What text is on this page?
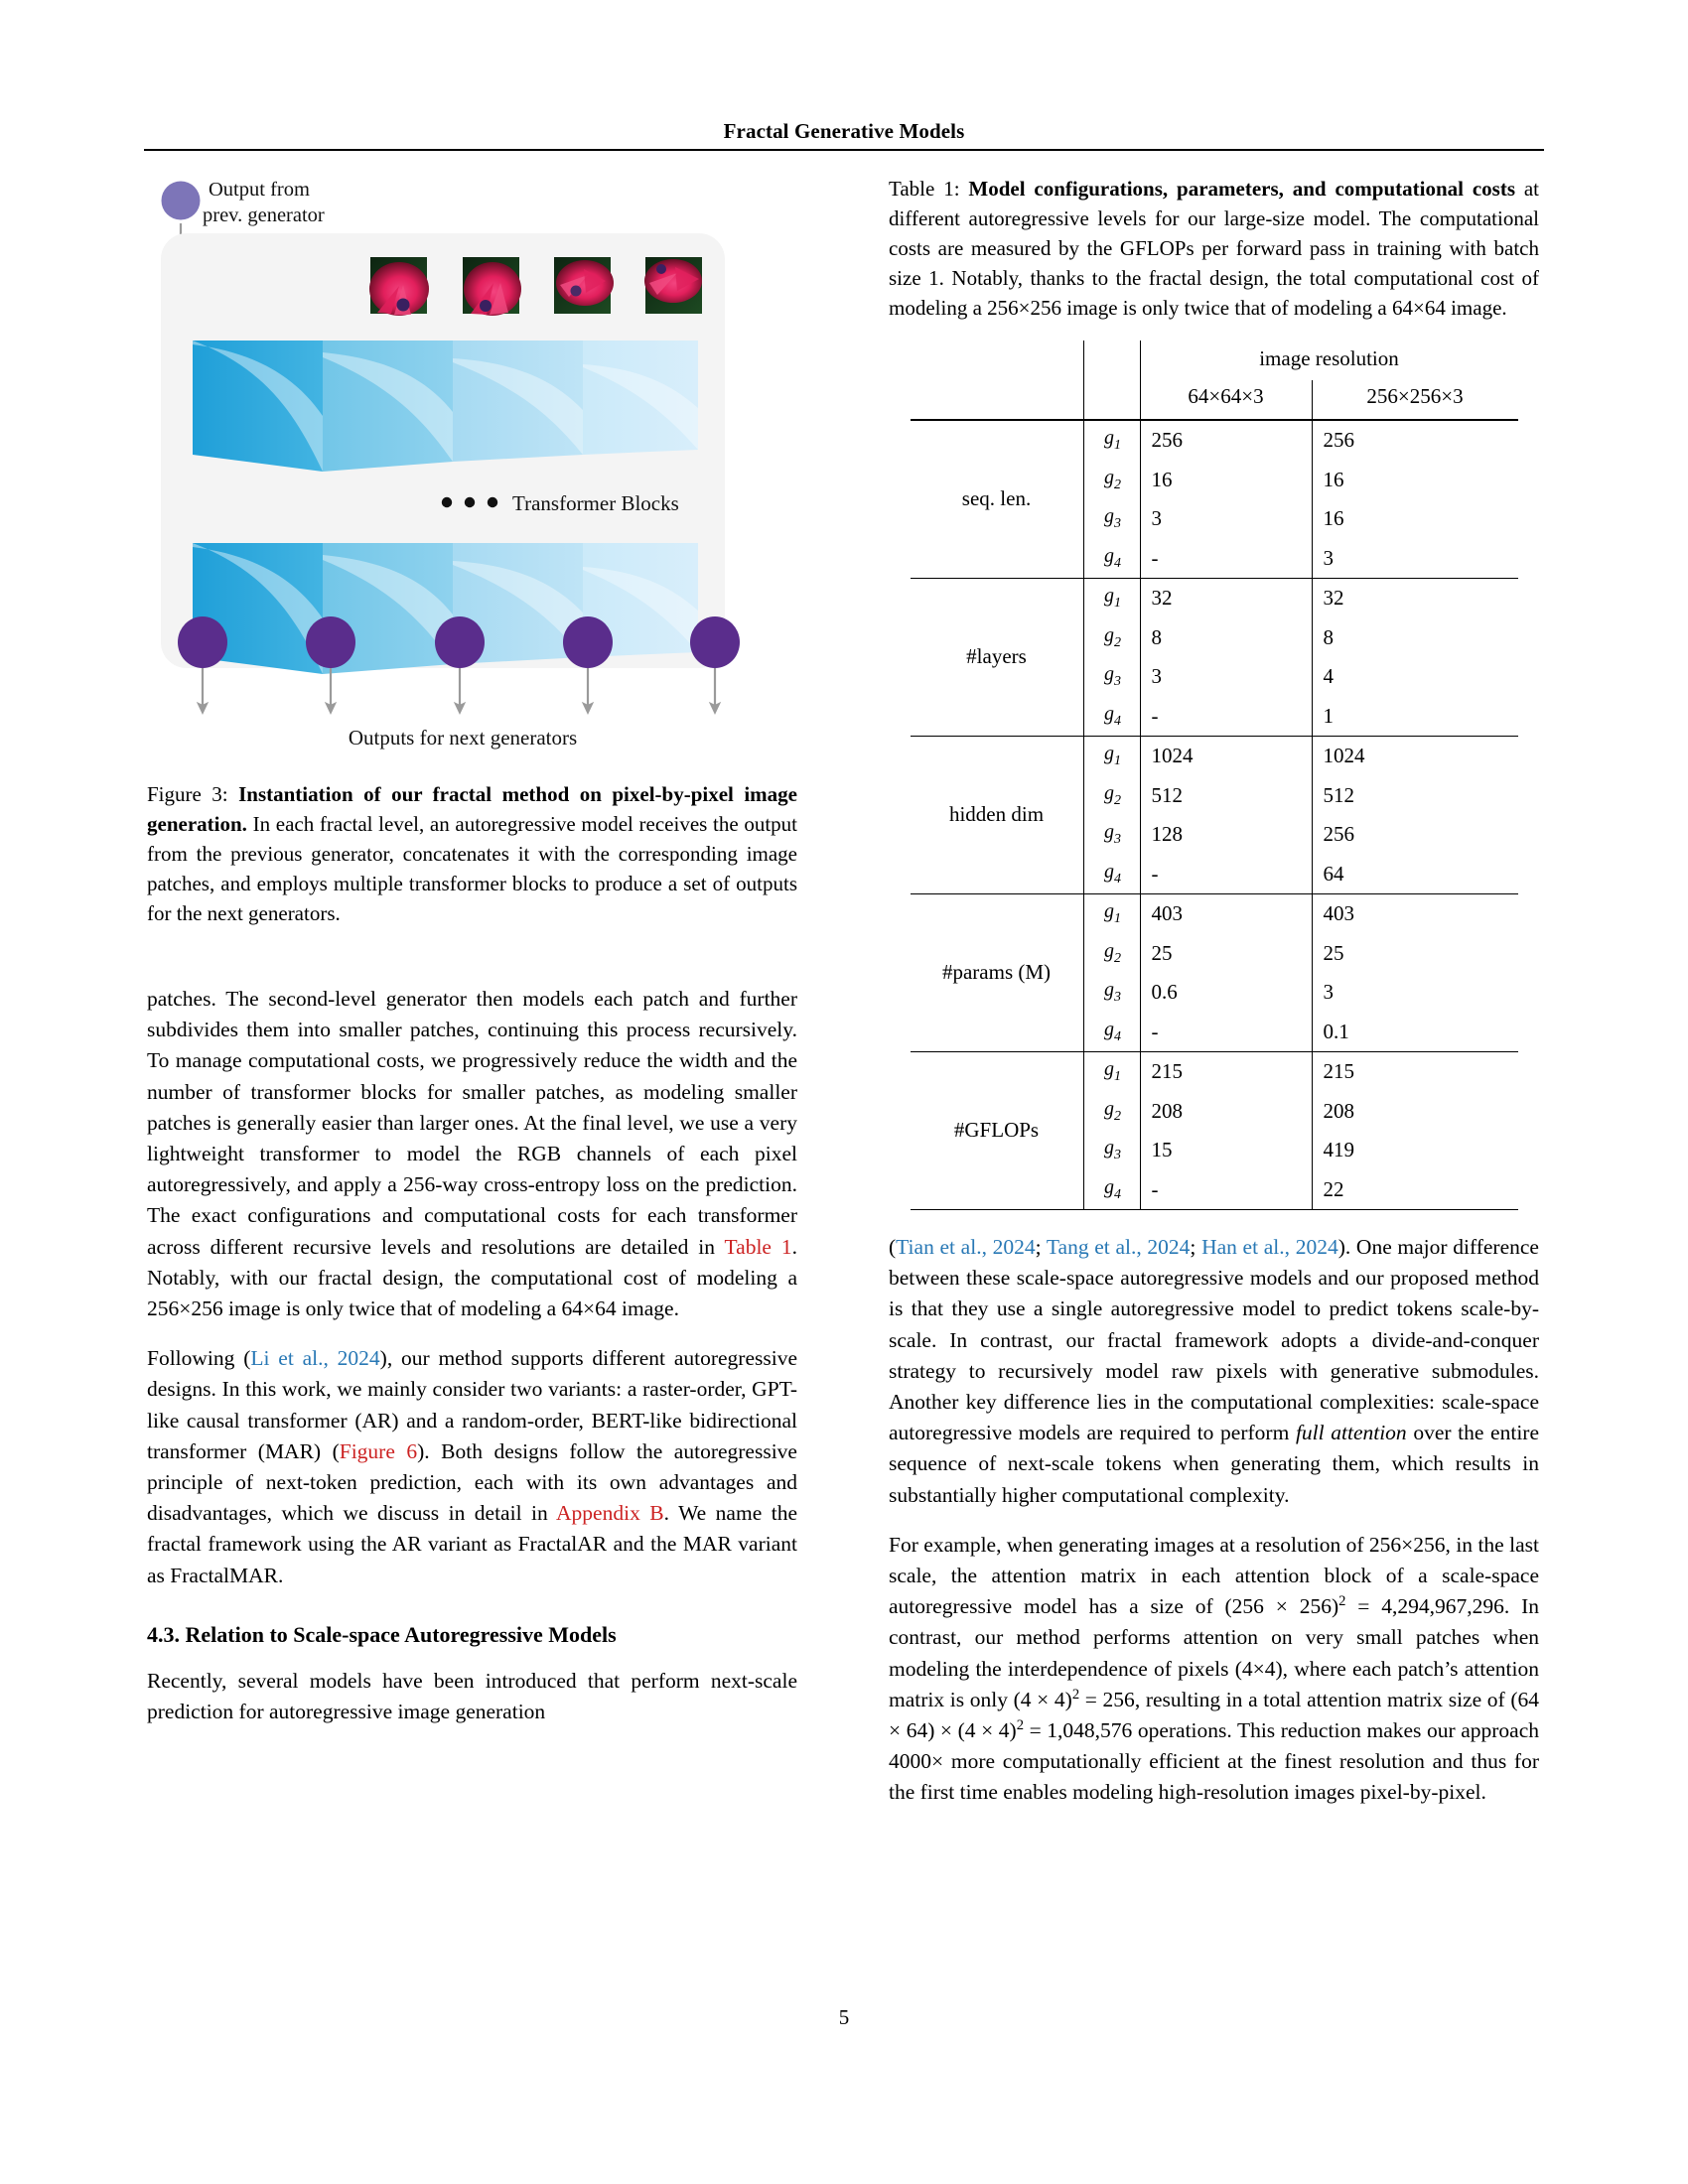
Fractal Generative Models
Output from
prev. generator
Transformer Blocks
Outputs for next generators
Figure 3: Instantiation of our fractal method on pixel-by-pixel image generation. In each fractal level, an autoregressive model receives the output from the previous generator, concatenates it with the corresponding image patches, and employs multiple transformer blocks to produce a set of outputs for the next generators.

patches. The second-level generator then models each patch and further subdivides them into smaller patches, continuing this process recursively. To manage computational costs, we progressively reduce the width and the number of transformer blocks for smaller patches, as modeling smaller patches is generally easier than larger ones. At the final level, we use a very lightweight transformer to model the RGB channels of each pixel autoregressively, and apply a 256-way cross-entropy loss on the prediction. The exact configurations and computational costs for each transformer across different recursive levels and resolutions are detailed in Table 1. Notably, with our fractal design, the computational cost of modeling a 256×256 image is only twice that of modeling a 64×64 image.

Following (Li et al., 2024), our method supports different autoregressive designs. In this work, we mainly consider two variants: a raster-order, GPT-like causal transformer (AR) and a random-order, BERT-like bidirectional transformer (MAR) (Figure 6). Both designs follow the autoregressive principle of next-token prediction, each with its own advantages and disadvantages, which we discuss in detail in Appendix B. We name the fractal framework using the AR variant as FractalAR and the MAR variant as FractalMAR.

4.3. Relation to Scale-space Autoregressive Models

Recently, several models have been introduced that perform next-scale prediction for autoregressive image generation

Table 1: Model configurations, parameters, and computational costs at different autoregressive levels for our large-size model. The computational costs are measured by the GFLOPs per forward pass in training with batch size 1. Notably, thanks to the fractal design, the total computational cost of modeling a 256×256 image is only twice that of modeling a 64×64 image.
		image resolution	
		64×64×3	256×256×3
seq. len.	$g_1$	256	256
	$g_2$	16	16
	$g_3$	3	16
	$g_4$	-	3
#layers	$g_1$	32	32
	$g_2$	8	8
	$g_3$	3	4
	$g_4$	-	1
hidden dim	$g_1$	1024	1024
	$g_2$	512	512
	$g_3$	128	256
	$g_4$	-	64
#params (M)	$g_1$	403	403
	$g_2$	25	25
	$g_3$	0.6	3
	$g_4$	-	0.1
#GFLOPs	$g_1$	215	215
	$g_2$	208	208
	$g_3$	15	419
	$g_4$	-	22

(Tian et al., 2024; Tang et al., 2024; Han et al., 2024). One major difference between these scale-space autoregressive models and our proposed method is that they use a single autoregressive model to predict tokens scale-by-scale. In contrast, our fractal framework adopts a divide-and-conquer strategy to recursively model raw pixels with generative submodules. Another key difference lies in the computational complexities: scale-space autoregressive models are required to perform full attention over the entire sequence of next-scale tokens when generating them, which results in substantially higher computational complexity.

For example, when generating images at a resolution of 256×256, in the last scale, the attention matrix in each attention block of a scale-space autoregressive model has a size of $(256 \times 256)^2 = 4,294,967,296$. In contrast, our method performs attention on very small patches when modeling the interdependence of pixels (4×4), where each patch’s attention matrix is only $(4 \times 4)^2 = 256$, resulting in a total attention matrix size of $(64 \times 64) \times (4 \times 4)^2 = 1,048,576$ operations. This reduction makes our approach 4000× more computationally efficient at the finest resolution and thus for the first time enables modeling high-resolution images pixel-by-pixel.

5
